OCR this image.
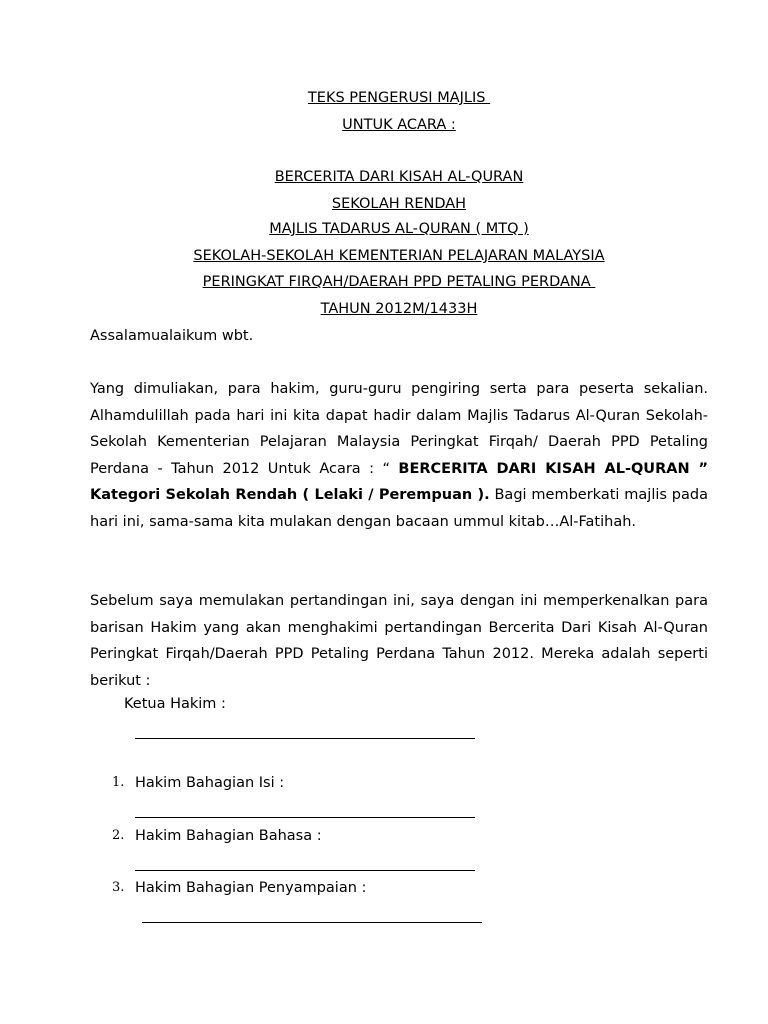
TEKS PENGERUSI MAJLIS
UNTUK ACARA :
BERCERITA DARI KISAH AL-QURAN
SEKOLAH RENDAH
MAJLIS TADARUS AL-QURAN ( MTQ )
SEKOLAH-SEKOLAH KEMENTERIAN PELAJARAN MALAYSIA
PERINGKAT FIRQAH/DAERAH PPD PETALING PERDANA
TAHUN 2012M/1433H
Assalamualaikum wbt.

Yang dimuliakan, para hakim, guru-guru pengiring serta para peserta sekalian. Alhamdulillah pada hari ini kita dapat hadir dalam Majlis Tadarus Al-Quran Sekolah-Sekolah Kementerian Pelajaran Malaysia Peringkat Firqah/ Daerah PPD Petaling Perdana - Tahun 2012 Untuk Acara : “ BERCERITA DARI KISAH AL-QURAN ” Kategori Sekolah Rendah ( Lelaki / Perempuan ). Bagi memberkati majlis pada hari ini, sama-sama kita mulakan dengan bacaan ummul kitab…Al-Fatihah.

Sebelum saya memulakan pertandingan ini, saya dengan ini memperkenalkan para barisan Hakim yang akan menghakimi pertandingan Bercerita Dari Kisah Al-Quran Peringkat Firqah/Daerah PPD Petaling Perdana Tahun 2012. Mereka adalah seperti berikut :

Ketua Hakim :
1. Hakim Bahagian Isi :
2. Hakim Bahagian Bahasa :
3. Hakim Bahagian Penyampaian :
